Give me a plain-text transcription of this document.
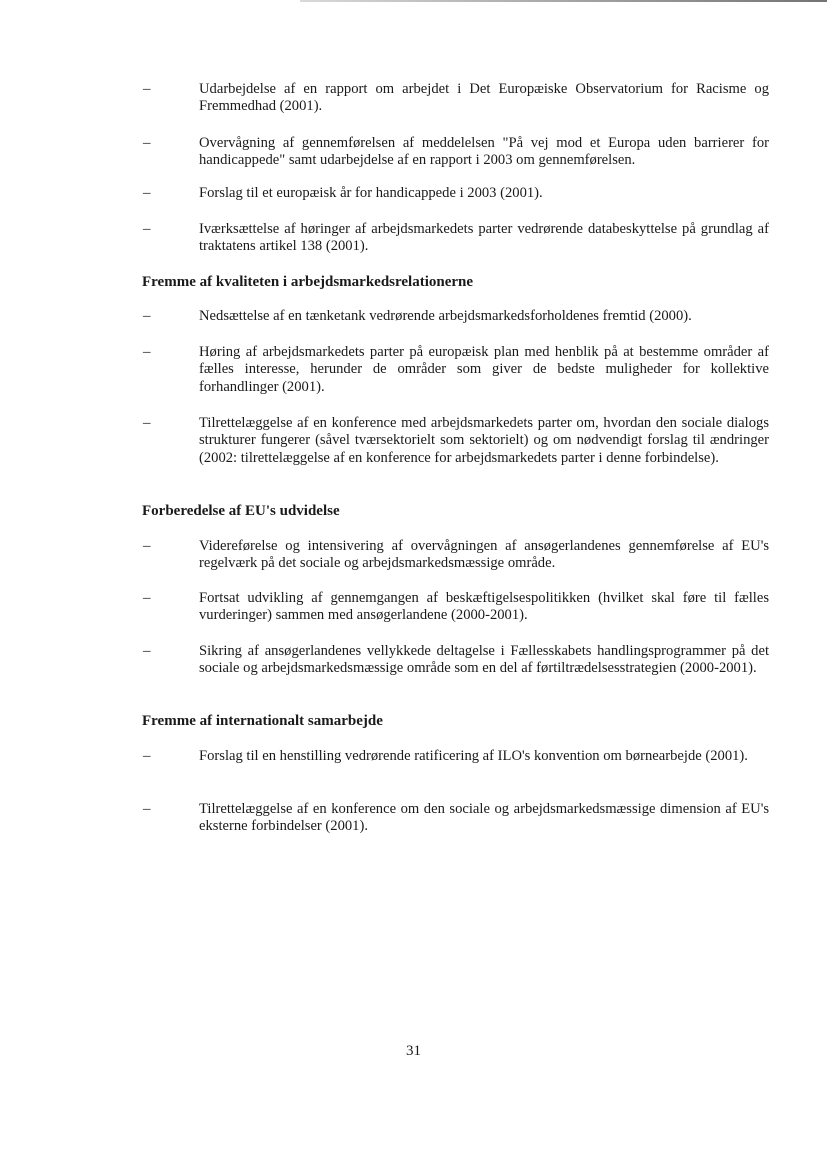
–	Udarbejdelse af en rapport om arbejdet i Det Europæiske Observatorium for Racisme og Fremmedhad (2001).
–	Overvågning af gennemførelsen af meddelelsen "På vej mod et Europa uden barrierer for handicappede" samt udarbejdelse af en rapport i 2003 om gennemførelsen.
–	Forslag til et europæisk år for handicappede i 2003 (2001).
–	Iværksættelse af høringer af arbejdsmarkedets parter vedrørende databeskyttelse på grundlag af traktatens artikel 138 (2001).
Fremme af kvaliteten i arbejdsmarkedsrelationerne
–	Nedsættelse af en tænketank vedrørende arbejdsmarkedsforholdenes fremtid (2000).
–	Høring af arbejdsmarkedets parter på europæisk plan med henblik på at bestemme områder af fælles interesse, herunder de områder som giver de bedste muligheder for kollektive forhandlinger (2001).
–	Tilrettelæggelse af en konference med arbejdsmarkedets parter om, hvordan den sociale dialogs strukturer fungerer (såvel tværsektorielt som sektorielt) og om nødvendigt forslag til ændringer (2002: tilrettelæggelse af en konference for arbejdsmarkedets parter i denne forbindelse).
Forberedelse af EU's udvidelse
–	Videreførelse og intensivering af overvågningen af ansøgerlandenes gennemførelse af EU's regelværk på det sociale og arbejdsmarkedsmæssige område.
–	Fortsat udvikling af gennemgangen af beskæftigelsespolitikken (hvilket skal føre til fælles vurderinger) sammen med ansøgerlandene (2000-2001).
–	Sikring af ansøgerlandenes vellykkede deltagelse i Fællesskabets handlingsprogrammer på det sociale og arbejdsmarkedsmæssige område som en del af førtiltrædelsesstrategien (2000-2001).
Fremme af internationalt samarbejde
–	Forslag til en henstilling vedrørende ratificering af ILO's konvention om børnearbejde (2001).
–	Tilrettelæggelse af en konference om den sociale og arbejdsmarkedsmæssige dimension af EU's eksterne forbindelser (2001).
31
